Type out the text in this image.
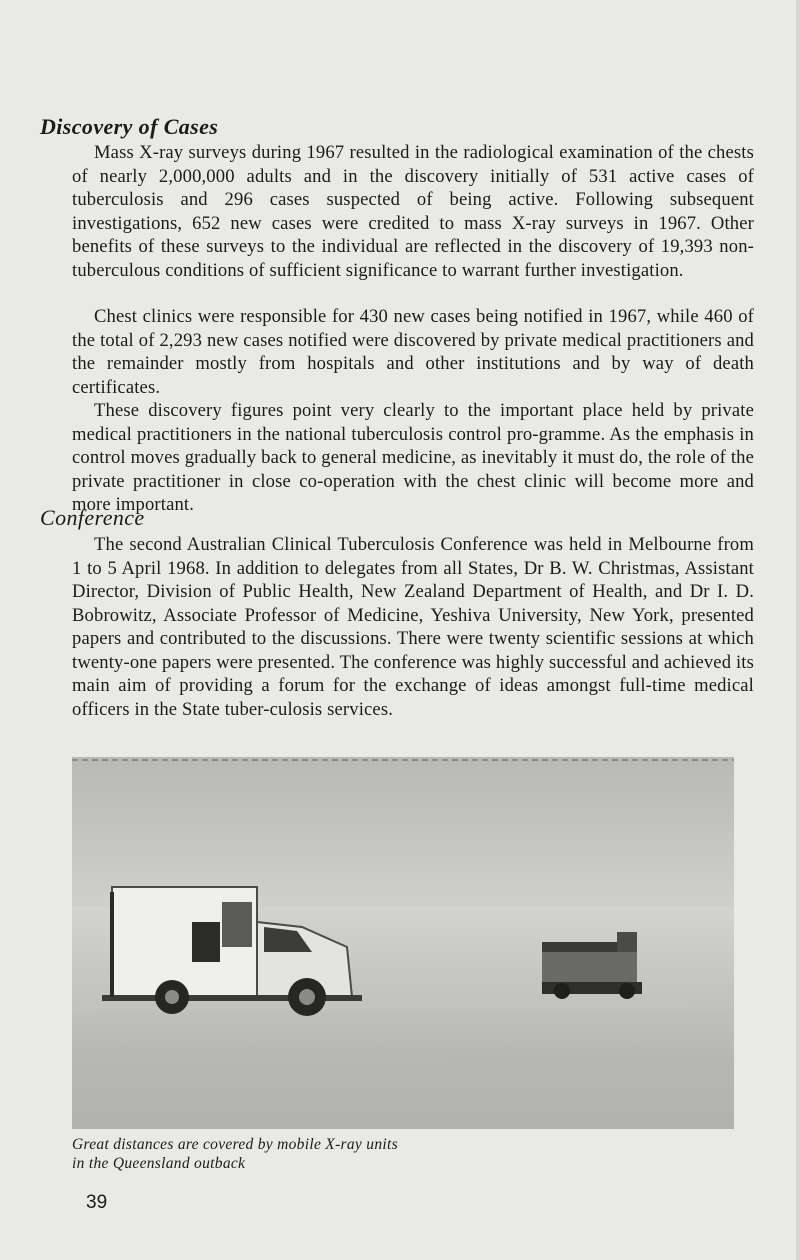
Discovery of Cases

Mass X-ray surveys during 1967 resulted in the radiological examination of the chests of nearly 2,000,000 adults and in the discovery initially of 531 active cases of tuberculosis and 296 cases suspected of being active. Following subsequent investigations, 652 new cases were credited to mass X-ray surveys in 1967. Other benefits of these surveys to the individual are reflected in the discovery of 19,393 non-tuberculous conditions of sufficient significance to warrant further investigation.

Chest clinics were responsible for 430 new cases being notified in 1967, while 460 of the total of 2,293 new cases notified were discovered by private medical practitioners and the remainder mostly from hospitals and other institutions and by way of death certificates.

These discovery figures point very clearly to the important place held by private medical practitioners in the national tuberculosis control pro-gramme. As the emphasis in control moves gradually back to general medicine, as inevitably it must do, the role of the private practitioner in close co-operation with the chest clinic will become more and more important.

Conference

The second Australian Clinical Tuberculosis Conference was held in Melbourne from 1 to 5 April 1968. In addition to delegates from all States, Dr B. W. Christmas, Assistant Director, Division of Public Health, New Zealand Department of Health, and Dr I. D. Bobrowitz, Associate Professor of Medicine, Yeshiva University, New York, presented papers and contributed to the discussions. There were twenty scientific sessions at which twenty-one papers were presented. The conference was highly successful and achieved its main aim of providing a forum for the exchange of ideas amongst full-time medical officers in the State tuber-culosis services.

Great distances are covered by mobile X-ray units
in the Queensland outback

39
